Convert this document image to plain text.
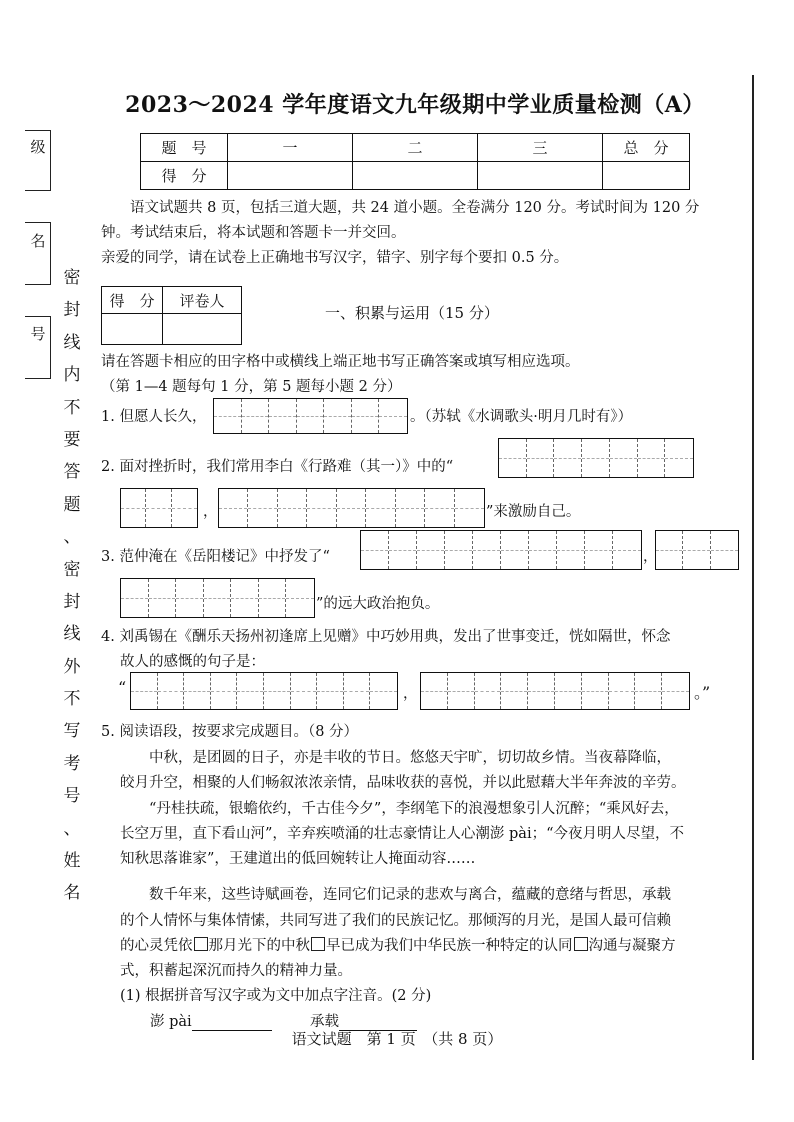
级
名
号
密
封
线
内
不
要
答
题
、
密
封
线
外
不
写
考
号
、
姓
名
2023～2024 学年度语文九年级期中学业质量检测（A）
题　号	一	二	三	总　分
得　分				
语文试题共 8 页，包括三道大题，共 24 道小题。全卷满分 120 分。考试时间为 120 分
钟。考试结束后，将本试题和答题卡一并交回。
亲爱的同学，请在试卷上正确地书写汉字，错字、别字每个要扣 0.5 分。
得　分	评卷人

一、积累与运用（15 分）
请在答题卡相应的田字格中或横线上端正地书写正确答案或填写相应选项。
（第 1—4 题每句 1 分，第 5 题每小题 2 分）
1. 但愿人长久，	。（苏轼《水调歌头·明月几时有》）
2. 面对挫折时，我们常用李白《行路难（其一）》中的“
，	”来激励自己。
3. 范仲淹在《岳阳楼记》中抒发了“	，
”的远大政治抱负。
4. 刘禹锡在《酬乐天扬州初逢席上见赠》中巧妙用典，发出了世事变迁，恍如隔世，怀念
故人的感慨的句子是：
“	，	。”
5. 阅读语段，按要求完成题目。（8 分）
中秋，是团圆的日子，亦是丰收的节日。悠悠天宇旷，切切故乡情。当夜幕降临，
皎月升空，相聚的人们畅叙浓浓亲情，品味收获的喜悦，并以此慰藉大半年奔波的辛劳。
“丹桂扶疏，银蟾依约，千古佳今夕”，李纲笔下的浪漫想象引人沉醉；“乘风好去，
长空万里，直下看山河”，辛弃疾喷涌的壮志豪情让人心潮澎 pài；“今夜月明人尽望，不
知秋思落谁家”，王建道出的低回婉转让人掩面动容……
数千年来，这些诗赋画卷，连同它们记录的悲欢与离合，蕴藏的意绪与哲思，承载
的个人情怀与集体情愫，共同写进了我们的民族记忆。那倾泻的月光，是国人最可信赖
的心灵凭依 那月光下的中秋 早已成为我们中华民族一种特定的认同 沟通与凝聚方
式，积蓄起深沉而持久的精神力量。
(1) 根据拼音写汉字或为文中加点字注音。(2 分)
澎 pài	承载
语文试题　第 1 页　（共 8 页）
